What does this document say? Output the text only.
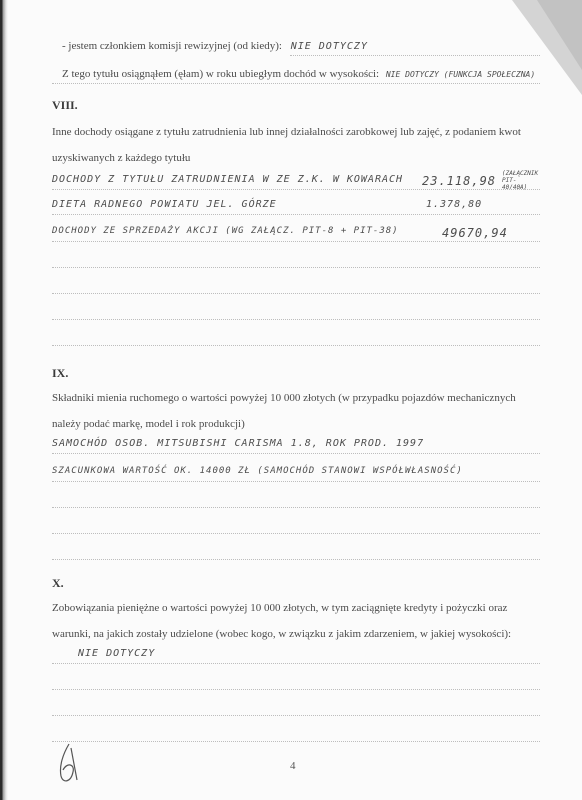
- jestem członkiem komisji rewizyjnej (od kiedy): NIE DOTYCZY
Z tego tytułu osiągnąłem (ęłam) w roku ubiegłym dochód w wysokości: NIE DOTYCZY (FUNKCJA SPOŁECZNA)
VIII.
Inne dochody osiągane z tytułu zatrudnienia lub innej działalności zarobkowej lub zajęć, z podaniem kwot
uzyskiwanych z każdego tytułu
DOCHODY Z TYTUŁU ZATRUDNIENIA W ZE Z.K. W KOWARACH 23.118,98
(ZAŁĄCZNIK PIT-40/40A)
DIETA RADNEGO POWIATU JEL. GÓRZE	1.378,80
DOCHODY ZE SPRZEDAŻY AKCJI (WG ZAŁĄCZ. PIT-8 + PIT-38)	49670,94
IX.
Składniki mienia ruchomego o wartości powyżej 10 000 złotych (w przypadku pojazdów mechanicznych
należy podać markę, model i rok produkcji)
SAMOCHÓD OSOB. MITSUBISHI CARISMA 1.8, ROK PROD. 1997
SZACUNKOWA WARTOŚĆ OK. 14000 ZŁ (SAMOCHÓD STANOWI WSPÓŁWŁASNOŚĆ)
X.
Zobowiązania pieniężne o wartości powyżej 10 000 złotych, w tym zaciągnięte kredyty i pożyczki oraz
warunki, na jakich zostały udzielone (wobec kogo, w związku z jakim zdarzeniem, w jakiej wysokości):
NIE DOTYCZY
4
